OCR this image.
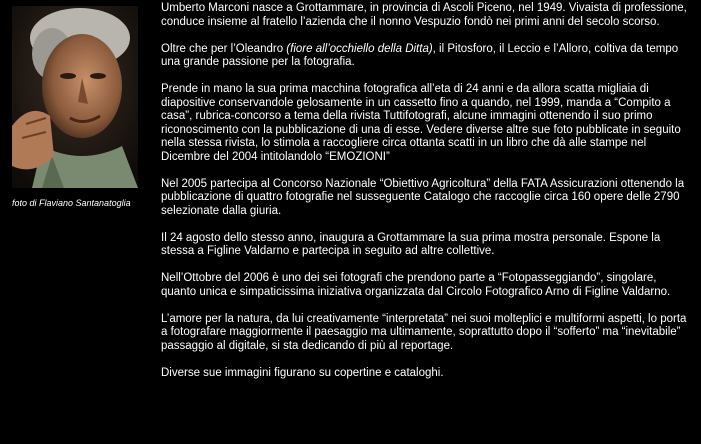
foto di Flaviano Santanatoglia

Umberto Marconi nasce a Grottammare, in provincia di Ascoli Piceno, nel 1949. Vivaista di professione, conduce insieme al fratello l’azienda che il nonno Vespuzio fondò nei primi anni del secolo scorso.

Oltre che per l’Oleandro (fiore all’occhiello della Ditta), il Pitosforo, il Leccio e l’Alloro, coltiva da tempo una grande passione per la fotografia.

Prende in mano la sua prima macchina fotografica all’eta di 24 anni e da allora scatta migliaia di diapositive conservandole gelosamente in un cassetto fino a quando, nel 1999, manda a “Compito a casa”, rubrica-concorso a tema della rivista Tuttifotografi, alcune immagini ottenendo il suo primo riconoscimento con la pubblicazione di una di esse. Vedere diverse altre sue foto pubblicate in seguito nella stessa rivista, lo stimola a raccogliere circa ottanta scatti in un libro che dà alle stampe nel Dicembre del 2004 intitolandolo “EMOZIONI”

Nel 2005 partecipa al Concorso Nazionale “Obiettivo Agricoltura” della FATA Assicurazioni ottenendo la pubblicazione di quattro fotografie nel susseguente Catalogo che raccoglie circa 160 opere delle 2790 selezionate dalla giuria.

Il 24 agosto dello stesso anno, inaugura a Grottammare la sua prima mostra personale. Espone la stessa a Figline Valdarno e partecipa in seguito ad altre collettive.

Nell’Ottobre del 2006 è uno dei sei fotografi che prendono parte a “Fotopasseggiando”, singolare, quanto unica e simpaticissima iniziativa organizzata dal Circolo Fotografico Arno di Figline Valdarno.

L’amore per la natura, da lui creativamente “interpretata” nei suoi molteplici e multiformi aspetti, lo porta a fotografare maggiormente il paesaggio ma ultimamente, soprattutto dopo il “sofferto” ma “inevitabile” passaggio al digitale, si sta dedicando di più al reportage.

Diverse sue immagini figurano su copertine e cataloghi.
